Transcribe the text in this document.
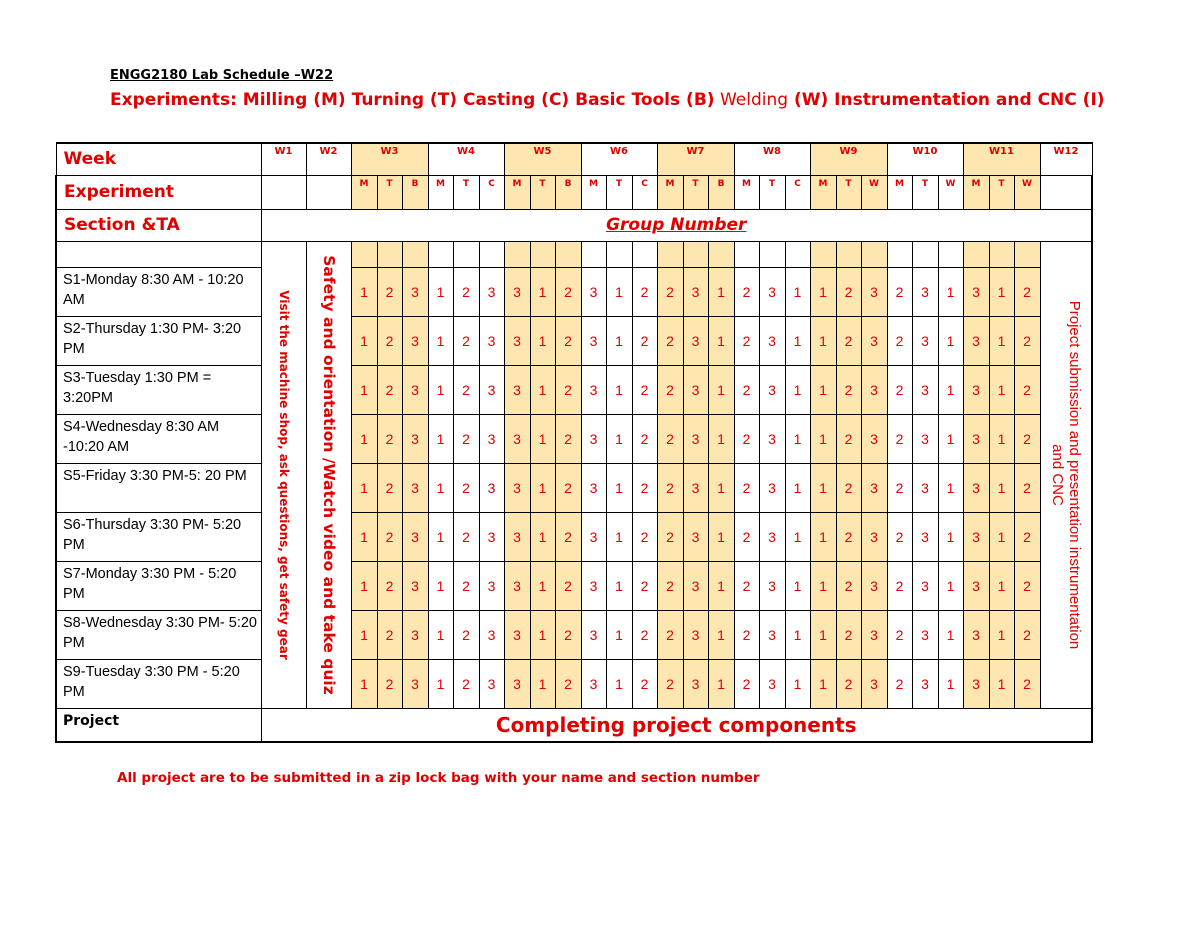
ENGG2180 Lab Schedule –W22
Experiments: Milling (M) Turning (T) Casting (C) Basic Tools (B) Welding (W) Instrumentation and CNC (I)
Week	W1	W2	W3			W4			W5			W6			W7			W8			W9			W10			W11			W12
Experiment			M	T	B	M	T	C	M	T	B	M	T	C	M	T	B	M	T	C	M	T	W	M	T	W	M	T	W	
Section &TA	Group Number																													

	Visit the machine shop, ask questions, get safety gear	Safety and orientation /Watch video and take quiz																												Project submission and presentation instrumentation
and CNC

S1-Monday 8:30 AM - 10:20 AM			1	2	3	1	2	3	3	1	2	3	1	2	2	3	1	2	3	1	1	2	3	2	3	1	3	1	2	
S2-Thursday 1:30 PM- 3:20 PM			1	2	3	1	2	3	3	1	2	3	1	2	2	3	1	2	3	1	1	2	3	2	3	1	3	1	2	
S3-Tuesday 1:30 PM = 3:20PM			1	2	3	1	2	3	3	1	2	3	1	2	2	3	1	2	3	1	1	2	3	2	3	1	3	1	2	
S4-Wednesday 8:30 AM -10:20 AM			1	2	3	1	2	3	3	1	2	3	1	2	2	3	1	2	3	1	1	2	3	2	3	1	3	1	2	
S5-Friday 3:30 PM-5: 20 PM			1	2	3	1	2	3	3	1	2	3	1	2	2	3	1	2	3	1	1	2	3	2	3	1	3	1	2	
S6-Thursday 3:30 PM- 5:20 PM			1	2	3	1	2	3	3	1	2	3	1	2	2	3	1	2	3	1	1	2	3	2	3	1	3	1	2	
S7-Monday 3:30 PM - 5:20 PM			1	2	3	1	2	3	3	1	2	3	1	2	2	3	1	2	3	1	1	2	3	2	3	1	3	1	2	
S8-Wednesday 3:30 PM- 5:20 PM			1	2	3	1	2	3	3	1	2	3	1	2	2	3	1	2	3	1	1	2	3	2	3	1	3	1	2	
S9-Tuesday 3:30 PM - 5:20 PM			1	2	3	1	2	3	3	1	2	3	1	2	2	3	1	2	3	1	1	2	3	2	3	1	3	1	2	
Project	Completing project components																													
All project are to be submitted in a zip lock bag with your name and section number
